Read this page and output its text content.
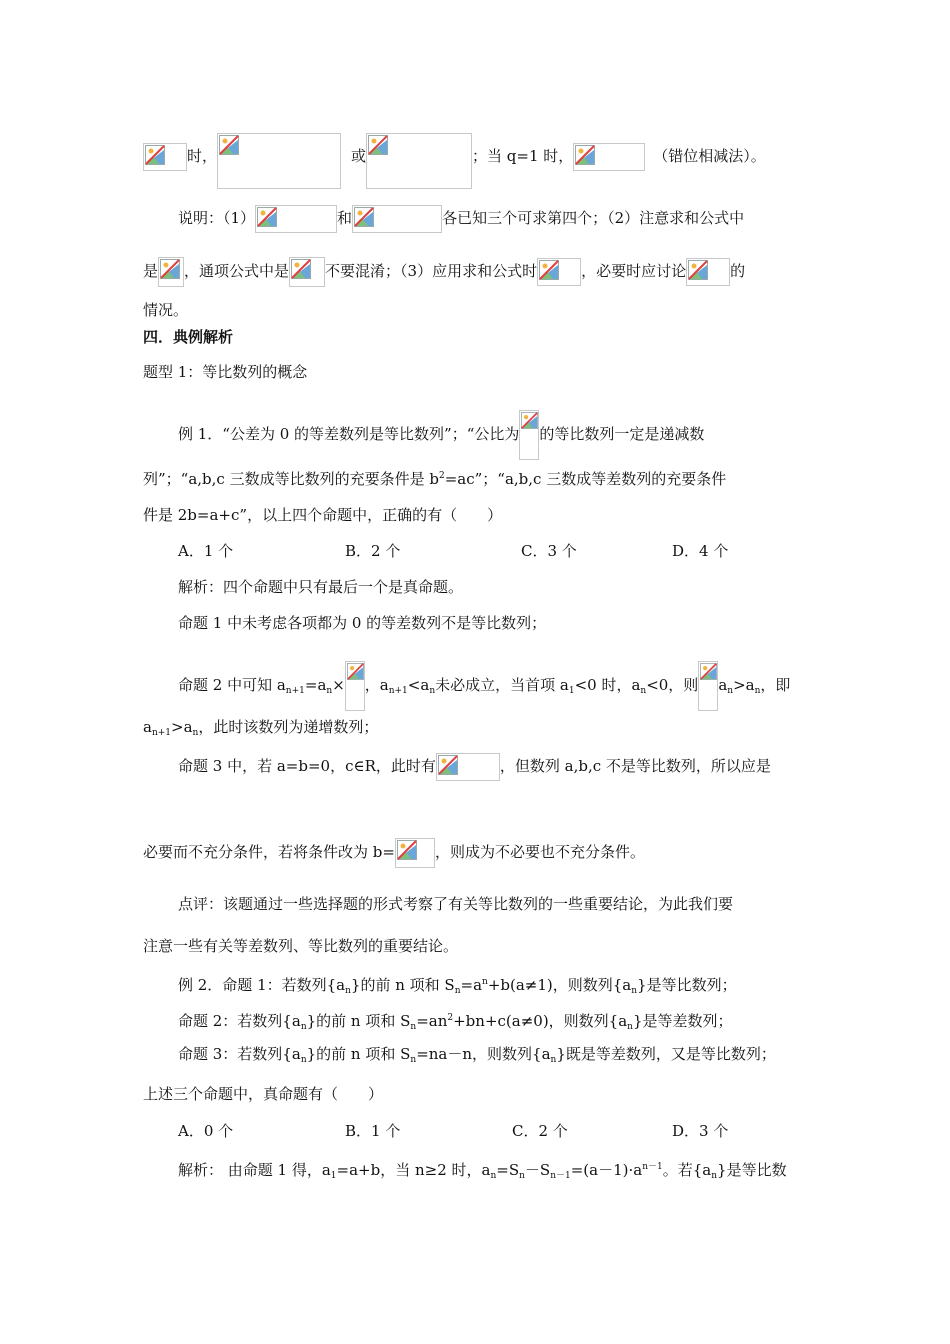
时，	或	；当 q=1 时，	（错位相减法）。
说明：（1）	和	各已知三个可求第四个；（2）注意求和公式中
是 ，通项公式中是 不要混淆；（3）应用求和公式时	，必要时应讨论	的
情况。
四．典例解析
题型 1：等比数列的概念
例 1．“公差为 0 的等差数列是等比数列”；“公比为 的等比数列一定是递减数
列”；“a,b,c 三数成等比数列的充要条件是 $b^2=ac$”；“a,b,c 三数成等差数列的充要条件
件是 2b=a+c”，以上四个命题中，正确的有（　　）
A．1 个	B．2 个	C．3 个	D．4 个
解析：四个命题中只有最后一个是真命题。
命题 1 中未考虑各项都为 0 的等差数列不是等比数列；
命题 2 中可知 $a_{n+1}=a_n\times$ ，$a_{n+1}<a_n$未必成立，当首项 $a_1<0$ 时，$a_n<0$，则 $a_n>a_n$，即
$a_{n+1}>a_n$，此时该数列为递增数列；
命题 3 中，若 a=b=0，c∈R，此时有	，但数列 a,b,c 不是等比数列，所以应是
必要而不充分条件，若将条件改为 b=	，则成为不必要也不充分条件。
点评：该题通过一些选择题的形式考察了有关等比数列的一些重要结论，为此我们要
注意一些有关等差数列、等比数列的重要结论。
例 2．命题 1：若数列$\{a_n\}$的前 n 项和 $S_n=a^n+b(a\ne 1)$，则数列$\{a_n\}$是等比数列；
命题 2：若数列$\{a_n\}$的前 n 项和 $S_n=an^2+bn+c(a\ne 0)$，则数列$\{a_n\}$是等差数列；
命题 3：若数列$\{a_n\}$的前 n 项和 $S_n=na-n$，则数列$\{a_n\}$既是等差数列，又是等比数列；
上述三个命题中，真命题有（　　）
A．0 个	B．1 个	C．2 个	D．3 个
解析： 由命题 1 得，$a_1=a+b$，当 n≥2 时，$a_n=S_n-S_{n-1}=(a-1)\cdot a^{n-1}$。若$\{a_n\}$是等比数
